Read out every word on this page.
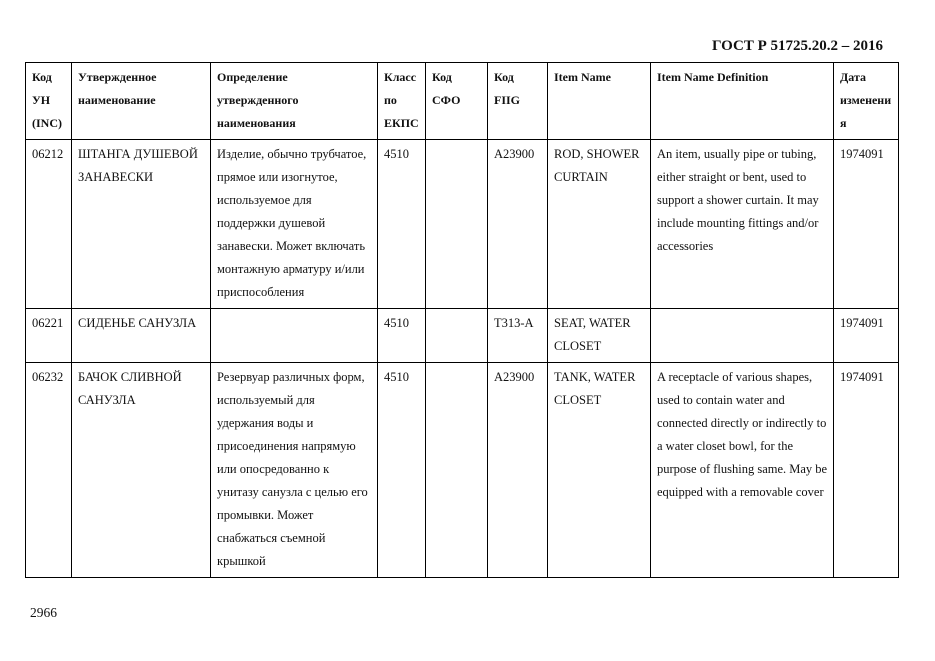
ГОСТ Р 51725.20.2 – 2016
Код УН (INC)	Утвержденное наименование	Определение утвержденного наименования	Класс по ЕКПС	Код СФО	Код FIIG	Item Name	Item Name Definition	Дата изменения
06212	ШТАНГА ДУШЕВОЙ ЗАНАВЕСКИ	Изделие, обычно трубчатое, прямое или изогнутое, используемое для поддержки душевой занавески. Может включать монтажную арматуру и/или приспособления	4510		A23900	ROD, SHOWER CURTAIN	An item, usually pipe or tubing, either straight or bent, used to support a shower curtain. It may include mounting fittings and/or accessories	1974091
06221	СИДЕНЬЕ САНУЗЛА		4510		T313-A	SEAT, WATER CLOSET		1974091
06232	БАЧОК СЛИВНОЙ САНУЗЛА	Резервуар различных форм, используемый для удержания воды и присоединения напрямую или опосредованно к унитазу санузла с целью его промывки. Может снабжаться съемной крышкой	4510		A23900	TANK, WATER CLOSET	A receptacle of various shapes, used to contain water and connected directly or indirectly to a water closet bowl, for the purpose of flushing same. May be equipped with a removable cover	1974091
2966
